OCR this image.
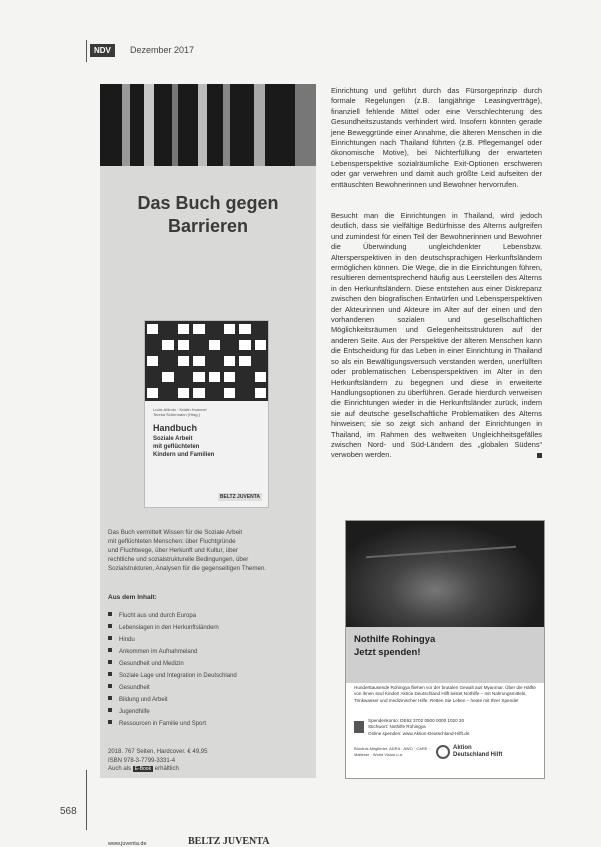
NDV	Dezember 2017
Das Buch gegen
Barrieren
Lucie Arlindo · Kristin Hummel
Teresa Schermann (Hrsg.)
Handbuch
Soziale Arbeit
mit geflüchteten
Kindern und Familien
BELTZ JUVENTA
Das Buch vermittelt Wissen für die Soziale Arbeit
mit geflüchteten Menschen: über Fluchtgründe
und Fluchtwege, über Herkunft und Kultur, über
rechtliche und sozialstrukturelle Bedingungen, über
Sozialstrukturen, Analysen für die gegenseitigen Themen.
Aus dem Inhalt:
Flucht aus und durch Europa
Lebenslagen in den Herkunftsländern
Hindu
Ankommen im Aufnahmeland
Gesundheit und Medizin
Soziale Lage und Integration in Deutschland
Gesundheit
Bildung und Arbeit
Jugendhilfe
Ressourcen in Familie und Sport
2018. 767 Seiten, Hardcover. € 49,95
ISBN 978-3-7799-3331-4
Auch als E-Book erhältlich
www.juventa.de	BELTZ JUVENTA
Einrichtung und geführt durch das Fürsorgeprinzip durch formale Regelungen (z.B. langjährige Leasingverträge), finanziell fehlende Mittel oder eine Verschlechterung des Gesundheitszustands verhindert wird. Insofern könnten gerade jene Beweggründe einer Annahme, die älteren Menschen in die Einrichtungen nach Thailand führten (z.B. Pflegemangel oder ökonomische Motive), bei Nichterfüllung der erwarteten Lebensperspektive sozialräumliche Exit-Optionen erschweren oder gar verwehren und damit auch größte Leid aufseiten der enttäuschten Bewohnerinnen und Bewohner hervorrufen.
Besucht man die Einrichtungen in Thailand, wird jedoch deutlich, dass sie vielfältige Bedürfnisse des Alterns aufgreifen und zumindest für einen Teil der Bewohnerinnen und Bewohner die Überwindung ungleichdenkter Lebensbzw. Altersperspektiven in den deutschsprachigen Herkunftsländern ermöglichen können. Die Wege, die in die Einrichtungen führen, resultieren dementsprechend häufig aus Leerstellen des Alterns in den Herkunftsländern. Diese entstehen aus einer Diskrepanz zwischen den biografischen Entwürfen und Lebensperspektiven der Akteurinnen und Akteure im Alter auf der einen und den vorhandenen sozialen und gesellschaftlichen Möglichkeitsräumen und Gelegenheitsstrukturen auf der anderen Seite. Aus der Perspektive der älteren Menschen kann die Entscheidung für das Leben in einer Einrichtung in Thailand so als ein Bewältigungsversuch verstanden werden, unerfüllten oder problematischen Lebensperspektiven im Alter in den Herkunftsländern zu begegnen und diese in erweiterte Handlungsoptionen zu überführen. Gerade hierdurch verweisen die Einrichtungen wieder in die Herkunftsländer zurück, indem sie auf deutsche gesellschaftliche Problematiken des Alterns hinweisen; sie so zeigt sich anhand der Einrichtungen in Thailand, im Rahmen des weltweiten Ungleichheitsgefälles zwischen Nord- und Süd-Ländern des „globalen Südens“ verwoben werden.
Nothilfe Rohingya
Jetzt spenden!
Hunderttausende Rohingya fliehen vor der brutalen Gewalt aus Myanmar. Über die Hälfte von ihnen sind Kinder! Aktion Deutschland Hilft leistet Nothilfe – mit Nahrungsmitteln, Trinkwasser und medizinischer Hilfe. Retten Sie Leben – heute mit Ihrer Spende!
Spendenkonto: DE62 3702 0500 0000 1020 30
Stichwort: Nothilfe Rohingya
Online spenden: www.Aktion-Deutschland-Hilft.de
Bündnis-Mitglieder: ADRA · AWO · CARE · Malteser · World Vision u.a.
Aktion
Deutschland Hilft
568
